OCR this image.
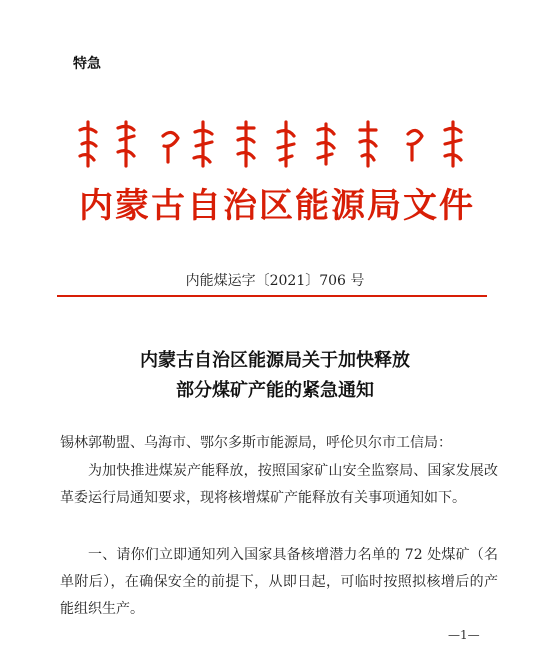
特急
内蒙古自治区能源局文件
内能煤运字〔2021〕706 号
内蒙古自治区能源局关于加快释放
部分煤矿产能的紧急通知
锡林郭勒盟、乌海市、鄂尔多斯市能源局，呼伦贝尔市工信局：
为加快推进煤炭产能释放，按照国家矿山安全监察局、国家发展改革委运行局通知要求，现将核增煤矿产能释放有关事项通知如下。
一、请你们立即通知列入国家具备核增潜力名单的 72 处煤矿（名单附后），在确保安全的前提下，从即日起，可临时按照拟核增后的产能组织生产。
—1—
